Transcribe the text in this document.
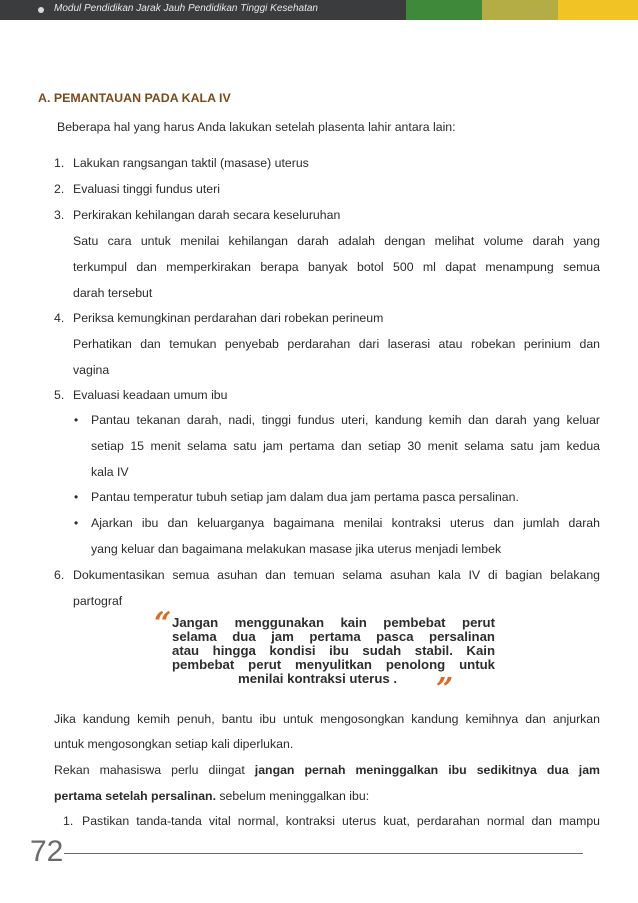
Modul Pendidikan Jarak Jauh Pendidikan Tinggi Kesehatan
A. PEMANTAUAN PADA KALA IV
Beberapa hal yang harus Anda lakukan setelah plasenta lahir antara lain:
1. Lakukan rangsangan taktil (masase) uterus
2. Evaluasi tinggi fundus uteri
3. Perkirakan kehilangan darah secara keseluruhan
Satu cara untuk menilai kehilangan darah adalah dengan melihat volume darah yang
terkumpul dan memperkirakan berapa banyak botol 500 ml dapat menampung semua
darah tersebut
4. Periksa kemungkinan perdarahan dari robekan perineum
Perhatikan dan temukan penyebab perdarahan dari laserasi atau robekan perinium dan
vagina
5. Evaluasi keadaan umum ibu
• Pantau tekanan darah, nadi, tinggi fundus uteri, kandung kemih dan darah yang keluar
setiap 15 menit selama satu jam pertama dan setiap 30 menit selama satu jam kedua
kala IV
• Pantau temperatur tubuh setiap jam dalam dua jam pertama pasca persalinan.
• Ajarkan ibu dan keluarganya bagaimana menilai kontraksi uterus dan jumlah darah
yang keluar dan bagaimana melakukan masase jika uterus menjadi lembek
6. Dokumentasikan semua asuhan dan temuan selama asuhan kala IV di bagian belakang
partograf
“ Jangan menggunakan kain pembebat perut
selama dua jam pertama pasca persalinan
atau hingga kondisi ibu sudah stabil. Kain
pembebat perut menyulitkan penolong untuk
menilai kontraksi uterus . ”
Jika kandung kemih penuh, bantu ibu untuk mengosongkan kandung kemihnya dan anjurkan
untuk mengosongkan setiap kali diperlukan.
Rekan mahasiswa perlu diingat jangan pernah meninggalkan ibu sedikitnya dua jam
pertama setelah persalinan. sebelum meninggalkan ibu:
1. Pastikan tanda-tanda vital normal, kontraksi uterus kuat, perdarahan normal dan mampu
72
